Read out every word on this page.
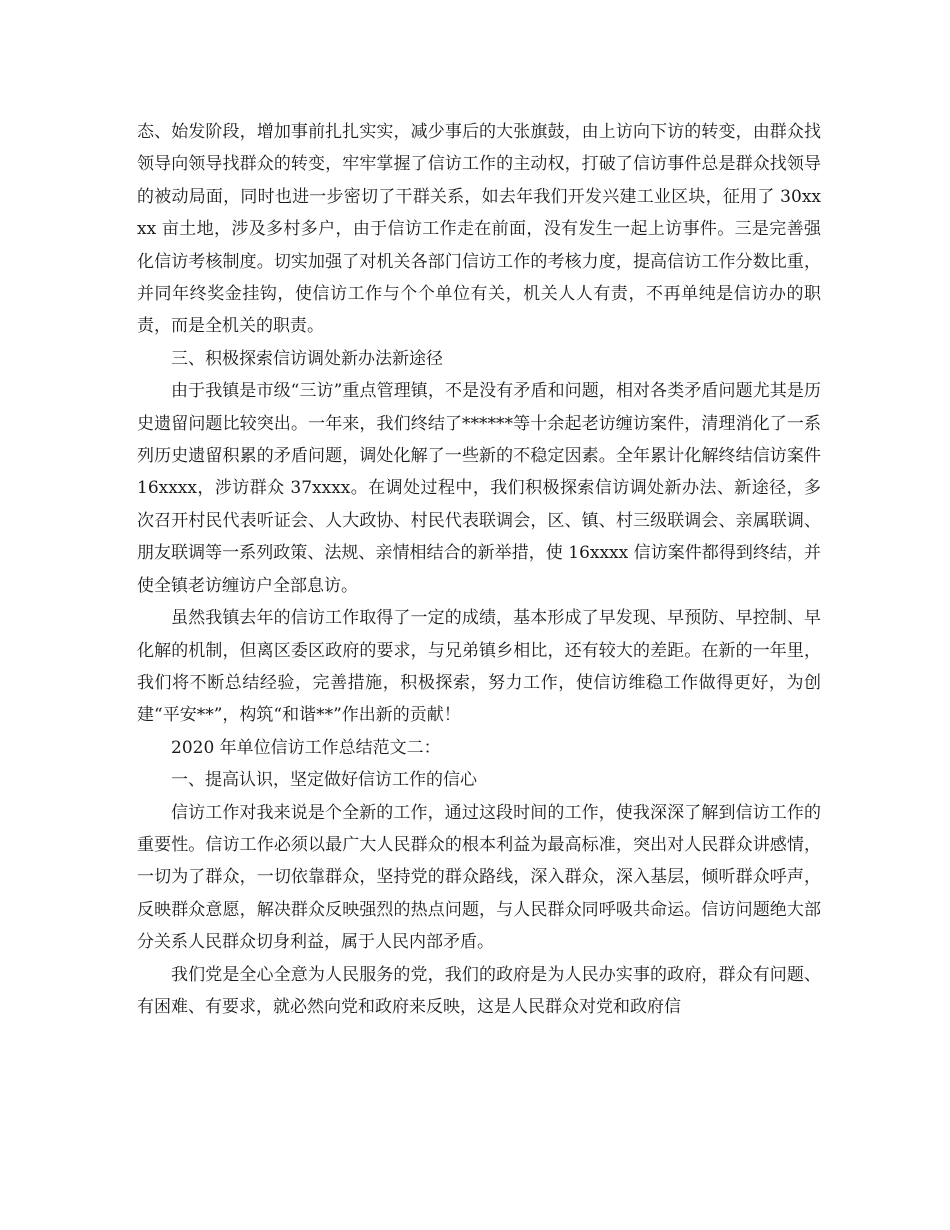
态、始发阶段，增加事前扎扎实实，减少事后的大张旗鼓，由上访向下访的转变，由群众找领导向领导找群众的转变，牢牢掌握了信访工作的主动权，打破了信访事件总是群众找领导的被动局面，同时也进一步密切了干群关系，如去年我们开发兴建工业区块，征用了 30xxxx 亩土地，涉及多村多户，由于信访工作走在前面，没有发生一起上访事件。三是完善强化信访考核制度。切实加强了对机关各部门信访工作的考核力度，提高信访工作分数比重，并同年终奖金挂钩，使信访工作与个个单位有关，机关人人有责，不再单纯是信访办的职责，而是全机关的职责。

三、积极探索信访调处新办法新途径

由于我镇是市级“三访”重点管理镇，不是没有矛盾和问题，相对各类矛盾问题尤其是历史遗留问题比较突出。一年来，我们终结了******等十余起老访缠访案件，清理消化了一系列历史遗留积累的矛盾问题，调处化解了一些新的不稳定因素。全年累计化解终结信访案件 16xxxx，涉访群众 37xxxx。在调处过程中，我们积极探索信访调处新办法、新途径，多次召开村民代表听证会、人大政协、村民代表联调会，区、镇、村三级联调会、亲属联调、朋友联调等一系列政策、法规、亲情相结合的新举措，使 16xxxx 信访案件都得到终结，并使全镇老访缠访户全部息访。

虽然我镇去年的信访工作取得了一定的成绩，基本形成了早发现、早预防、早控制、早化解的机制，但离区委区政府的要求，与兄弟镇乡相比，还有较大的差距。在新的一年里，我们将不断总结经验，完善措施，积极探索，努力工作，使信访维稳工作做得更好，为创建“平安**”，构筑“和谐**”作出新的贡献！

2020 年单位信访工作总结范文二：

一、提高认识，坚定做好信访工作的信心

信访工作对我来说是个全新的工作，通过这段时间的工作，使我深深了解到信访工作的重要性。信访工作必须以最广大人民群众的根本利益为最高标准，突出对人民群众讲感情，一切为了群众，一切依靠群众，坚持党的群众路线，深入群众，深入基层，倾听群众呼声，反映群众意愿，解决群众反映强烈的热点问题，与人民群众同呼吸共命运。信访问题绝大部分关系人民群众切身利益，属于人民内部矛盾。

我们党是全心全意为人民服务的党，我们的政府是为人民办实事的政府，群众有问题、有困难、有要求，就必然向党和政府来反映，这是人民群众对党和政府信
